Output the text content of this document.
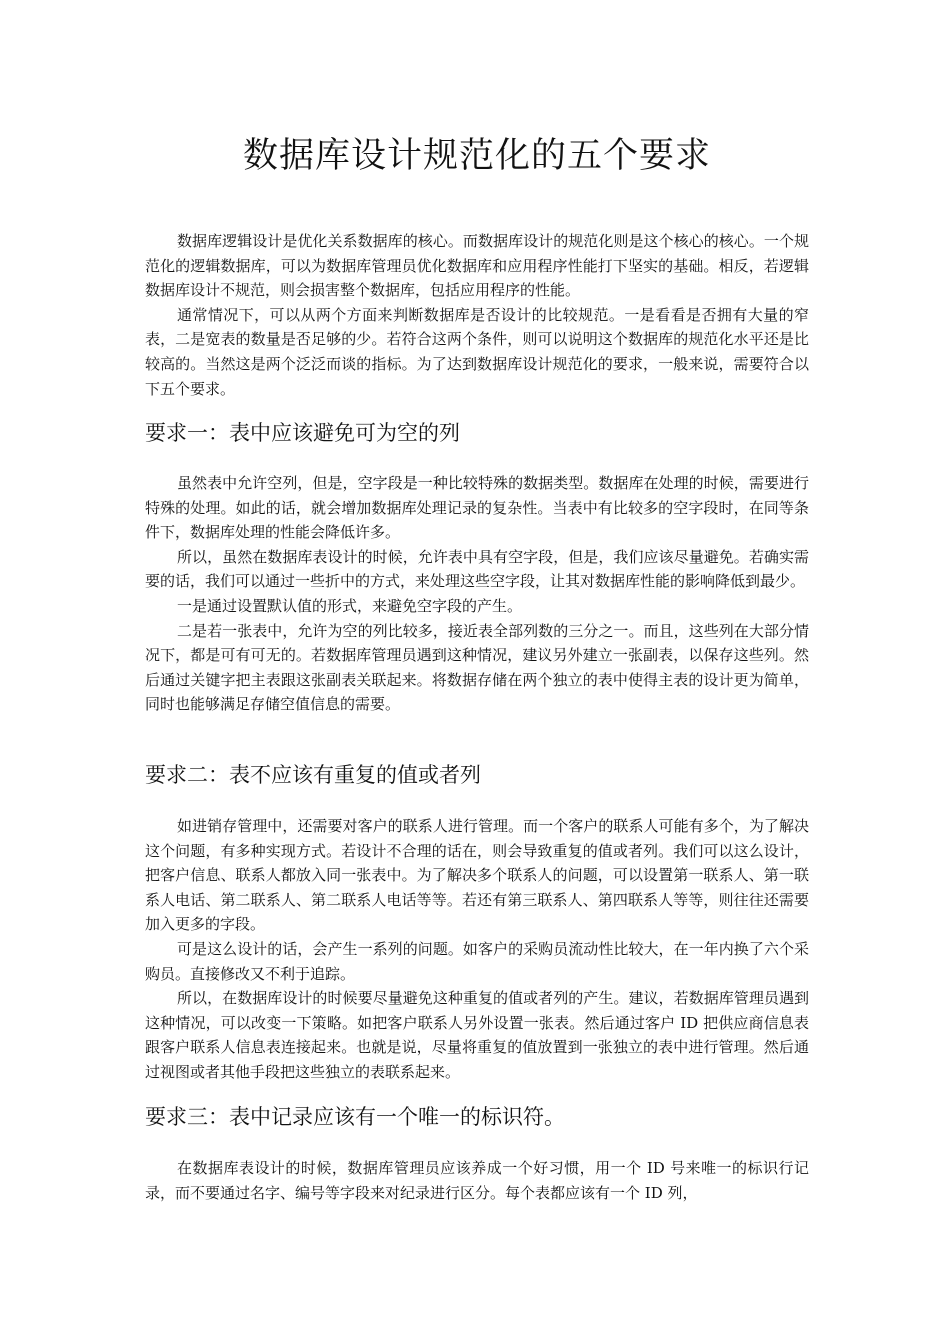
数据库设计规范化的五个要求

数据库逻辑设计是优化关系数据库的核心。而数据库设计的规范化则是这个核心的核心。一个规范化的逻辑数据库，可以为数据库管理员优化数据库和应用程序性能打下坚实的基础。相反，若逻辑数据库设计不规范，则会损害整个数据库，包括应用程序的性能。

通常情况下，可以从两个方面来判断数据库是否设计的比较规范。一是看看是否拥有大量的窄表，二是宽表的数量是否足够的少。若符合这两个条件，则可以说明这个数据库的规范化水平还是比较高的。当然这是两个泛泛而谈的指标。为了达到数据库设计规范化的要求，一般来说，需要符合以下五个要求。

要求一：表中应该避免可为空的列

虽然表中允许空列，但是，空字段是一种比较特殊的数据类型。数据库在处理的时候，需要进行特殊的处理。如此的话，就会增加数据库处理记录的复杂性。当表中有比较多的空字段时，在同等条件下，数据库处理的性能会降低许多。

所以，虽然在数据库表设计的时候，允许表中具有空字段，但是，我们应该尽量避免。若确实需要的话，我们可以通过一些折中的方式，来处理这些空字段，让其对数据库性能的影响降低到最少。

一是通过设置默认值的形式，来避免空字段的产生。

二是若一张表中，允许为空的列比较多，接近表全部列数的三分之一。而且，这些列在大部分情况下，都是可有可无的。若数据库管理员遇到这种情况，建议另外建立一张副表，以保存这些列。然后通过关键字把主表跟这张副表关联起来。将数据存储在两个独立的表中使得主表的设计更为简单，同时也能够满足存储空值信息的需要。

要求二：表不应该有重复的值或者列

如进销存管理中，还需要对客户的联系人进行管理。而一个客户的联系人可能有多个，为了解决这个问题，有多种实现方式。若设计不合理的话在，则会导致重复的值或者列。我们可以这么设计，把客户信息、联系人都放入同一张表中。为了解决多个联系人的问题，可以设置第一联系人、第一联系人电话、第二联系人、第二联系人电话等等。若还有第三联系人、第四联系人等等，则往往还需要加入更多的字段。

可是这么设计的话，会产生一系列的问题。如客户的采购员流动性比较大，在一年内换了六个采购员。直接修改又不利于追踪。

所以，在数据库设计的时候要尽量避免这种重复的值或者列的产生。建议，若数据库管理员遇到这种情况，可以改变一下策略。如把客户联系人另外设置一张表。然后通过客户 ID 把供应商信息表跟客户联系人信息表连接起来。也就是说，尽量将重复的值放置到一张独立的表中进行管理。然后通过视图或者其他手段把这些独立的表联系起来。

要求三：表中记录应该有一个唯一的标识符。

在数据库表设计的时候，数据库管理员应该养成一个好习惯，用一个 ID 号来唯一的标识行记录，而不要通过名字、编号等字段来对纪录进行区分。每个表都应该有一个 ID 列，
